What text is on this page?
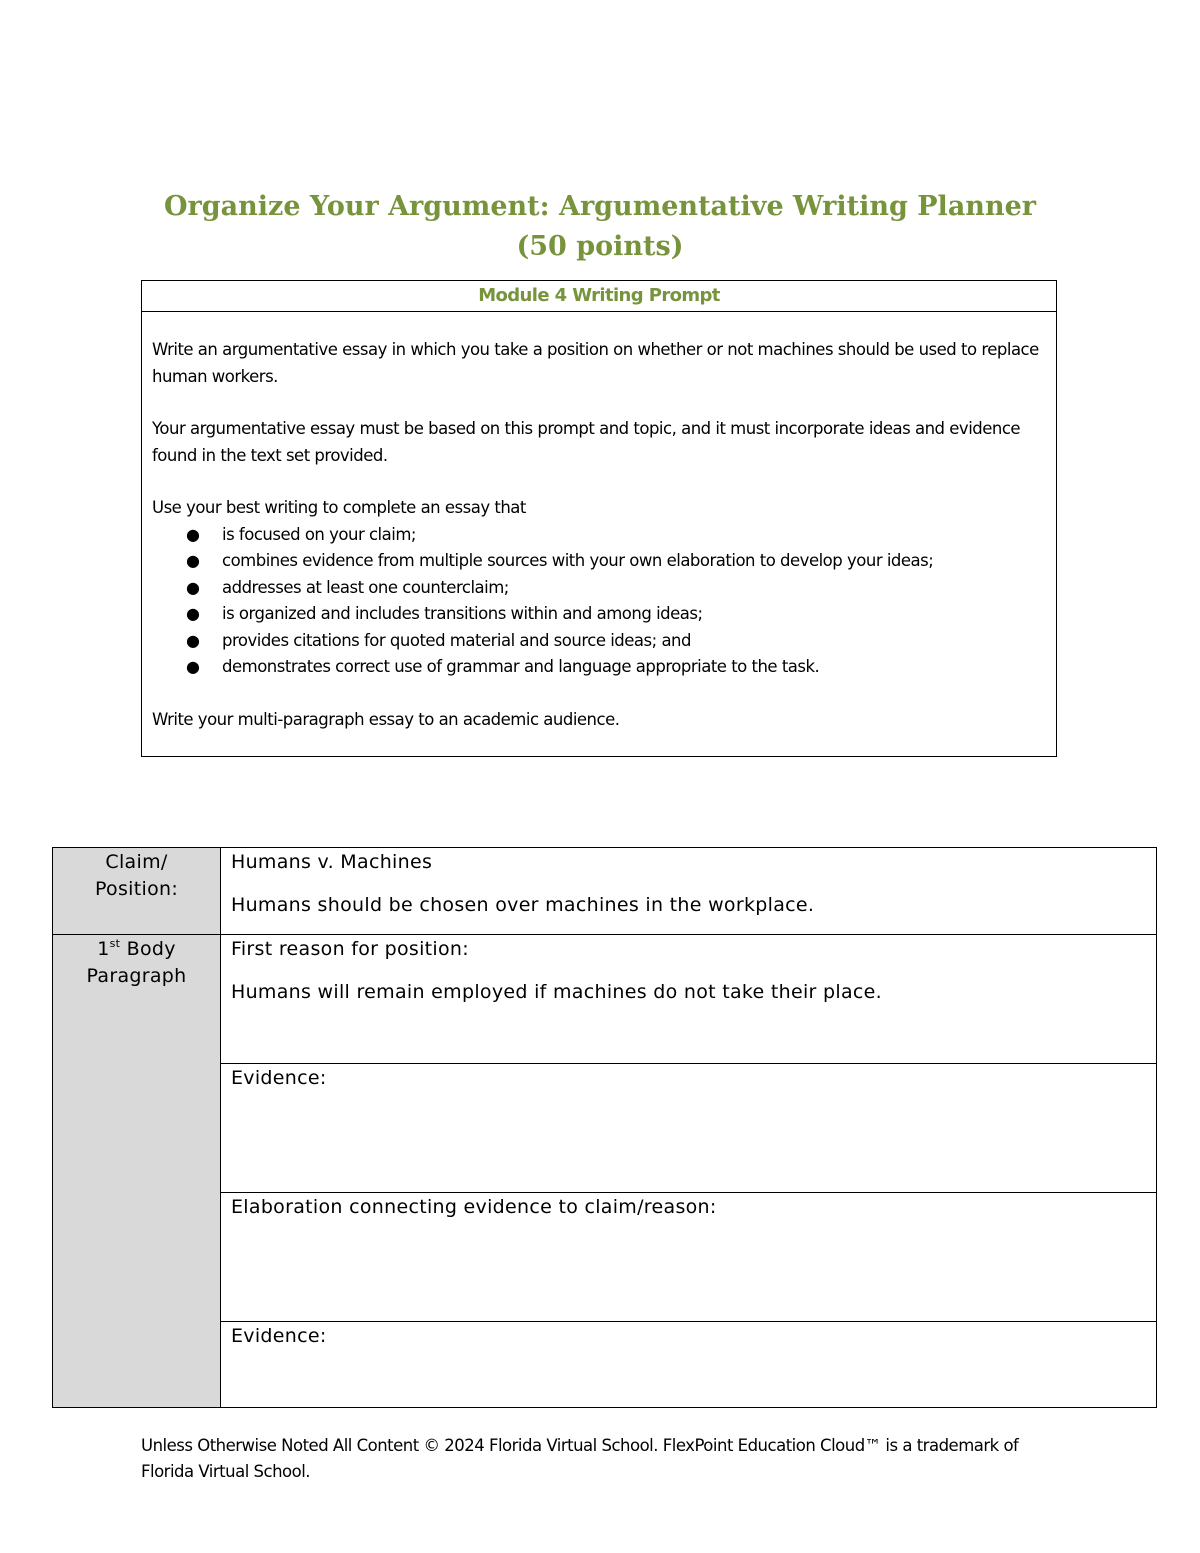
Organize Your Argument: Argumentative Writing Planner
(50 points)
Module 4 Writing Prompt

Write an argumentative essay in which you take a position on whether or not machines should be used to replace human workers.

Your argumentative essay must be based on this prompt and topic, and it must incorporate ideas and evidence found in the text set provided.

Use your best writing to complete an essay that

● is focused on your claim;
● combines evidence from multiple sources with your own elaboration to develop your ideas;
● addresses at least one counterclaim;
● is organized and includes transitions within and among ideas;
● provides citations for quoted material and source ideas; and
● demonstrates correct use of grammar and language appropriate to the task.

Write your multi-paragraph essay to an academic audience.

Claim/
Position:	Humans v. Machines
Humans should be chosen over machines in the workplace.

1st Body
Paragraph	First reason for position:
Humans will remain employed if machines do not take their place.

	Evidence:
	Elaboration connecting evidence to claim/reason:
	Evidence:
Unless Otherwise Noted All Content © 2024 Florida Virtual School. FlexPoint Education Cloud™ is a trademark of Florida Virtual School.
